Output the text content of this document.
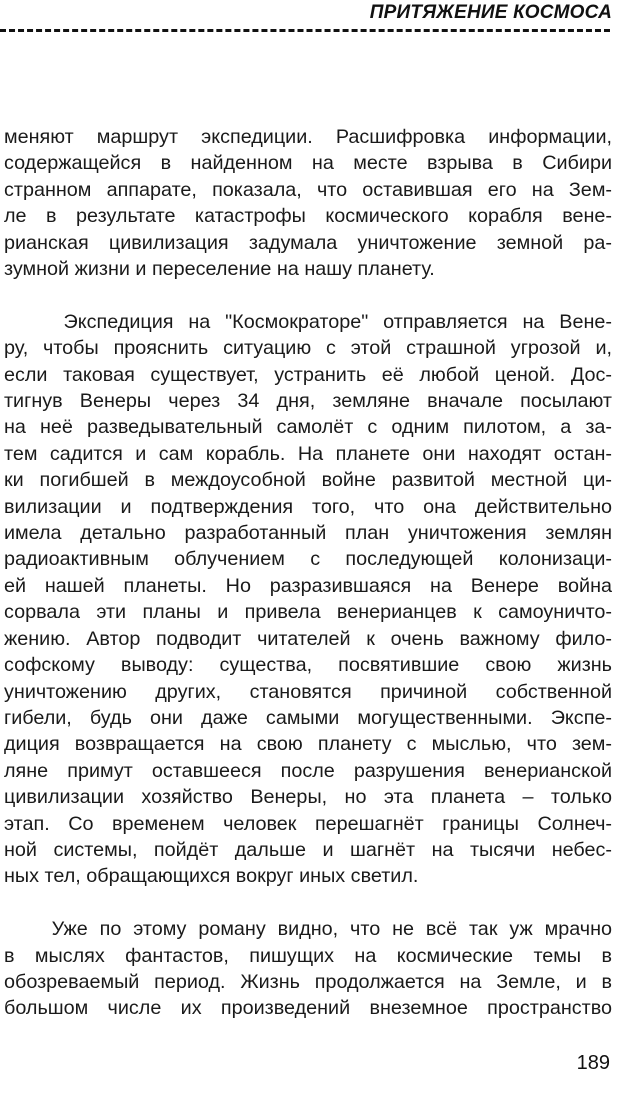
ПРИТЯЖЕНИЕ КОСМОСА

меняют маршрут экспедиции. Расшифровка информации,
содержащейся в найденном на месте взрыва в Сибири
странном аппарате, показала, что оставившая его на Зем-
ле в результате катастрофы космического корабля вене-
рианская цивилизация задумала уничтожение земной ра-
зумной жизни и переселение на нашу планету.

Экспедиция на "Космократоре" отправляется на Вене-
ру, чтобы прояснить ситуацию с этой страшной угрозой и,
если таковая существует, устранить её любой ценой. Дос-
тигнув Венеры через 34 дня, земляне вначале посылают
на неё разведывательный самолёт с одним пилотом, а за-
тем садится и сам корабль. На планете они находят остан-
ки погибшей в междоусобной войне развитой местной ци-
вилизации и подтверждения того, что она действительно
имела детально разработанный план уничтожения землян
радиоактивным облучением с последующей колонизаци-
ей нашей планеты. Но разразившаяся на Венере война
сорвала эти планы и привела венерианцев к самоуничто-
жению. Автор подводит читателей к очень важному фило-
софскому выводу: существа, посвятившие свою жизнь
уничтожению других, становятся причиной собственной
гибели, будь они даже самыми могущественными. Экспе-
диция возвращается на свою планету с мыслью, что зем-
ляне примут оставшееся после разрушения венерианской
цивилизации хозяйство Венеры, но эта планета – только
этап. Со временем человек перешагнёт границы Солнеч-
ной системы, пойдёт дальше и шагнёт на тысячи небес-
ных тел, обращающихся вокруг иных светил.

Уже по этому роману видно, что не всё так уж мрачно
в мыслях фантастов, пишущих на космические темы в
обозреваемый период. Жизнь продолжается на Земле, и в
большом числе их произведений внеземное пространство

189
